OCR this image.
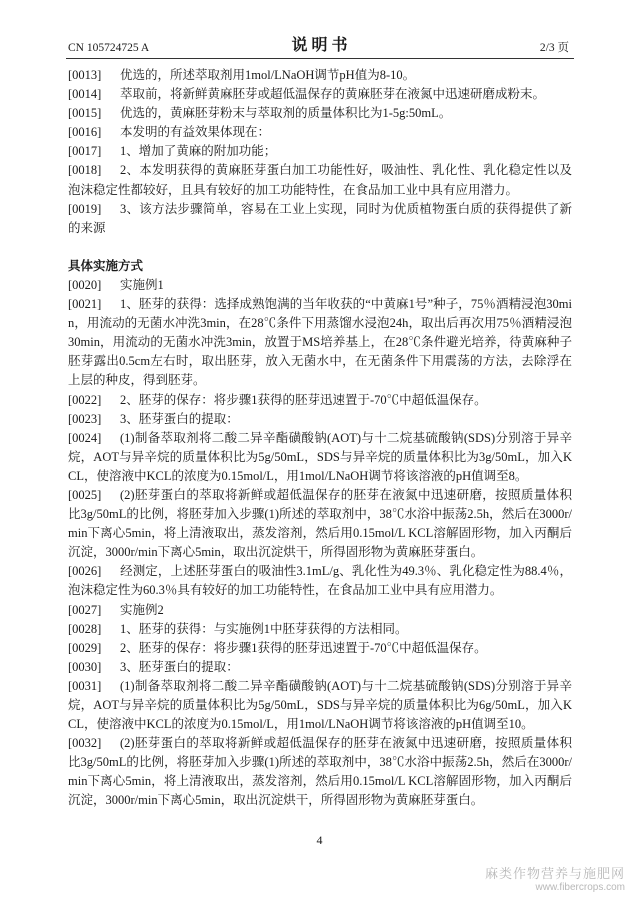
CN 105724725 A	说 明 书	2/3 页

[0013] 优选的，所述萃取剂用1mol/LNaOH调节pH值为8-10。

[0014] 萃取前，将新鲜黄麻胚芽或超低温保存的黄麻胚芽在液氮中迅速研磨成粉末。

[0015] 优选的，黄麻胚芽粉末与萃取剂的质量体积比为1-5g:50mL。

[0016] 本发明的有益效果体现在：

[0017] 1、增加了黄麻的附加功能；

[0018] 2、本发明获得的黄麻胚芽蛋白加工功能性好，吸油性、乳化性、乳化稳定性以及泡沫稳定性都较好，且具有较好的加工功能特性，在食品加工业中具有应用潜力。

[0019] 3、该方法步骤简单，容易在工业上实现，同时为优质植物蛋白质的获得提供了新的来源

具体实施方式

[0020] 实施例1

[0021] 1、胚芽的获得：选择成熟饱满的当年收获的“中黄麻1号”种子，75％酒精浸泡30min，用流动的无菌水冲洗3min，在28℃条件下用蒸馏水浸泡24h，取出后再次用75％酒精浸泡30min，用流动的无菌水冲洗3min，放置于MS培养基上，在28℃条件避光培养，待黄麻种子胚芽露出0.5cm左右时，取出胚芽，放入无菌水中，在无菌条件下用震荡的方法，去除浮在上层的种皮，得到胚芽。

[0022] 2、胚芽的保存：将步骤1获得的胚芽迅速置于-70℃中超低温保存。

[0023] 3、胚芽蛋白的提取：

[0024] (1)制备萃取剂将二酸二异辛酯磺酸钠(AOT)与十二烷基硫酸钠(SDS)分别溶于异辛烷，AOT与异辛烷的质量体积比为5g/50mL，SDS与异辛烷的质量体积比为3g/50mL，加入KCL，使溶液中KCL的浓度为0.15mol/L，用1mol/LNaOH调节将该溶液的pH值调至8。

[0025] (2)胚芽蛋白的萃取将新鲜或超低温保存的胚芽在液氮中迅速研磨，按照质量体积比3g/50mL的比例，将胚芽加入步骤(1)所述的萃取剂中，38℃水浴中振荡2.5h，然后在3000r/min下离心5min，将上清液取出，蒸发溶剂，然后用0.15mol/L KCL溶解固形物，加入丙酮后沉淀，3000r/min下离心5min，取出沉淀烘干，所得固形物为黄麻胚芽蛋白。

[0026] 经测定，上述胚芽蛋白的吸油性3.1mL/g、乳化性为49.3％、乳化稳定性为88.4％，泡沫稳定性为60.3％具有较好的加工功能特性，在食品加工业中具有应用潜力。

[0027] 实施例2

[0028] 1、胚芽的获得：与实施例1中胚芽获得的方法相同。

[0029] 2、胚芽的保存：将步骤1获得的胚芽迅速置于-70℃中超低温保存。

[0030] 3、胚芽蛋白的提取：

[0031] (1)制备萃取剂将二酸二异辛酯磺酸钠(AOT)与十二烷基硫酸钠(SDS)分别溶于异辛烷，AOT与异辛烷的质量体积比为5g/50mL，SDS与异辛烷的质量体积比为6g/50mL，加入KCL，使溶液中KCL的浓度为0.15mol/L，用1mol/LNaOH调节将该溶液的pH值调至10。

[0032] (2)胚芽蛋白的萃取将新鲜或超低温保存的胚芽在液氮中迅速研磨，按照质量体积比3g/50mL的比例，将胚芽加入步骤(1)所述的萃取剂中，38℃水浴中振荡2.5h，然后在3000r/min下离心5min，将上清液取出，蒸发溶剂，然后用0.15mol/L KCL溶解固形物，加入丙酮后沉淀，3000r/min下离心5min，取出沉淀烘干，所得固形物为黄麻胚芽蛋白。

4
麻类作物营养与施肥网
www.fibercrops.com
